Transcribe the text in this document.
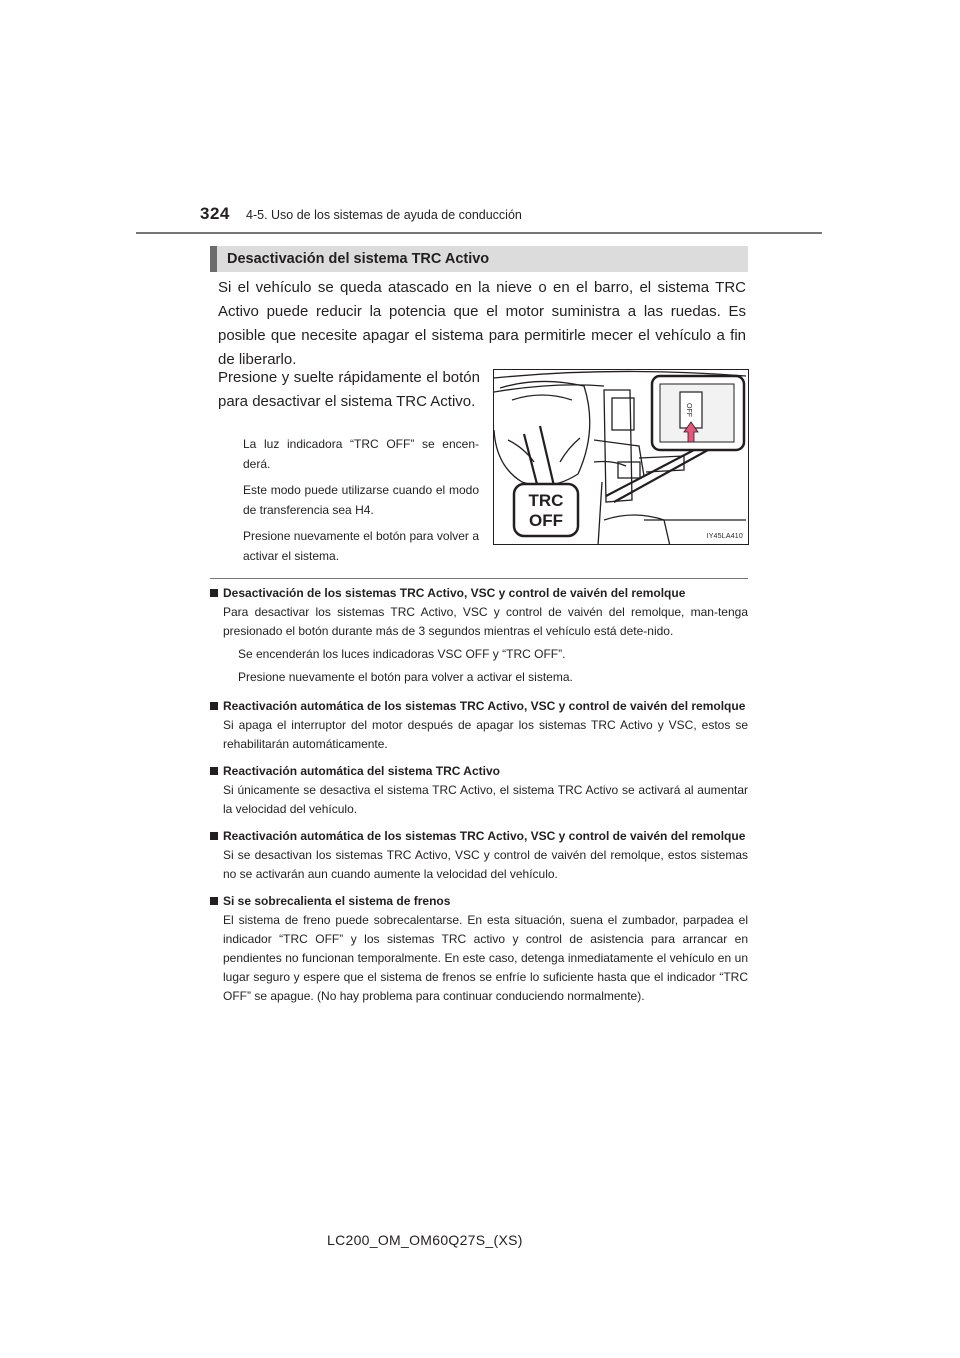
324 4-5. Uso de los sistemas de ayuda de conducción
Desactivación del sistema TRC Activo

Si el vehículo se queda atascado en la nieve o en el barro, el sistema TRC Activo puede reducir la potencia que el motor suministra a las ruedas. Es posible que necesite apagar el sistema para permitirle mecer el vehículo a fin de liberarlo.

Presione y suelte rápidamente el botón para desactivar el sistema TRC Activo.

La luz indicadora “TRC OFF” se encen-derá.

Este modo puede utilizarse cuando el modo de transferencia sea H4.

Presione nuevamente el botón para volver a activar el sistema.

OFF
TRC
OFF
IY45LA410

Desactivación de los sistemas TRC Activo, VSC y control de vaivén del remolque

Para desactivar los sistemas TRC Activo, VSC y control de vaivén del remolque, man-tenga presionado el botón durante más de 3 segundos mientras el vehículo está dete-nido.

Se encenderán los luces indicadoras VSC OFF y “TRC OFF”.

Presione nuevamente el botón para volver a activar el sistema.

Reactivación automática de los sistemas TRC Activo, VSC y control de vaivén del remolque

Si apaga el interruptor del motor después de apagar los sistemas TRC Activo y VSC, estos se rehabilitarán automáticamente.

Reactivación automática del sistema TRC Activo

Si únicamente se desactiva el sistema TRC Activo, el sistema TRC Activo se activará al aumentar la velocidad del vehículo.

Reactivación automática de los sistemas TRC Activo, VSC y control de vaivén del remolque

Si se desactivan los sistemas TRC Activo, VSC y control de vaivén del remolque, estos sistemas no se activarán aun cuando aumente la velocidad del vehículo.

Si se sobrecalienta el sistema de frenos

El sistema de freno puede sobrecalentarse. En esta situación, suena el zumbador, parpadea el indicador “TRC OFF” y los sistemas TRC activo y control de asistencia para arrancar en pendientes no funcionan temporalmente. En este caso, detenga inmediatamente el vehículo en un lugar seguro y espere que el sistema de frenos se enfríe lo suficiente hasta que el indicador “TRC OFF” se apague. (No hay problema para continuar conduciendo normalmente).

LC200_OM_OM60Q27S_(XS)
